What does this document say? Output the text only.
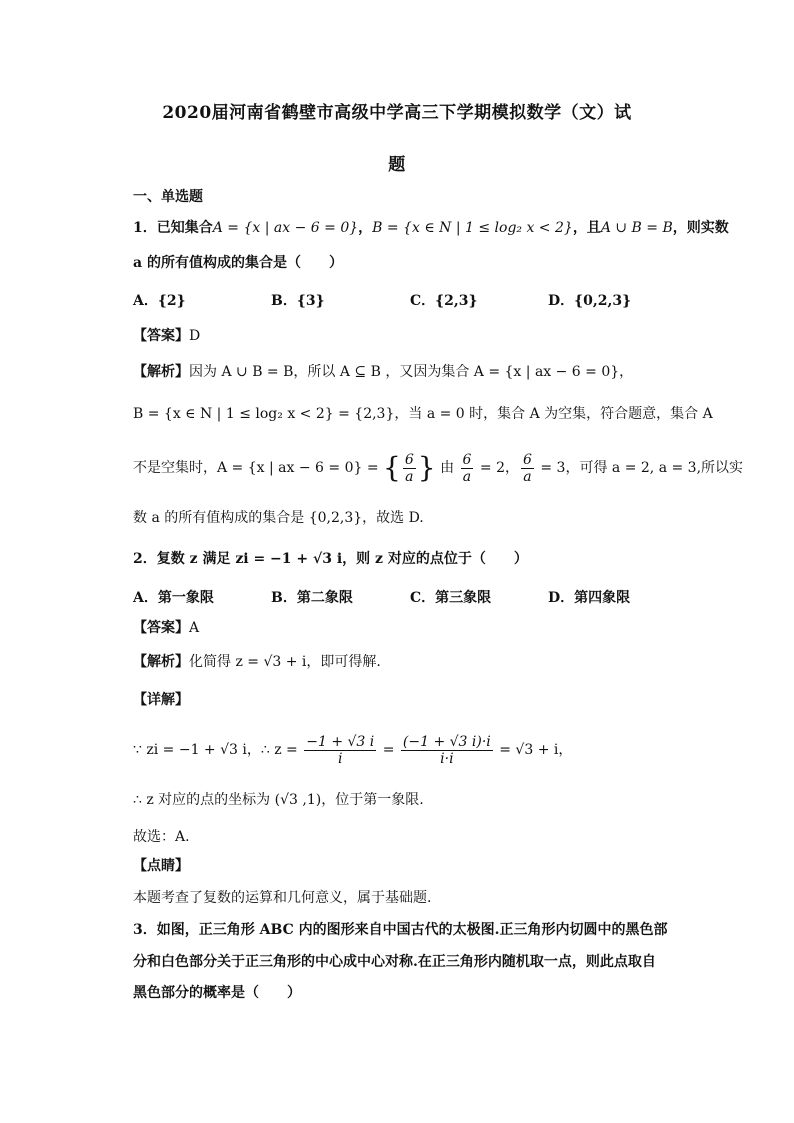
2020届河南省鹤壁市高级中学高三下学期模拟数学（文）试
题
一、单选题
1．已知集合A = {x | ax − 6 = 0}，B = {x ∈ N | 1 ≤ log₂ x < 2}，且A ∪ B = B，则实数
a 的所有值构成的集合是（　　）
A．{2}	B．{3}	C．{2,3}	D．{0,2,3}
【答案】D
【解析】因为 A ∪ B = B，所以 A ⊆ B ，又因为集合 A = {x | ax − 6 = 0}，
B = {x ∈ N | 1 ≤ log₂ x < 2} = {2,3}，当 a = 0 时，集合 A 为空集，符合题意，集合 A
不是空集时，A = {x | ax − 6 = 0} = { $\frac{6}{a}$ } 由 $\frac{6}{a} = 2$， $\frac{6}{a} = 3$，可得 a = 2, a = 3,所以实
数 a 的所有值构成的集合是 {0,2,3}，故选 D.
2．复数 z 满足 zi = −1 + √3 i，则 z 对应的点位于（　　）
A．第一象限	B．第二象限	C．第三象限	D．第四象限
【答案】A
【解析】化简得 z = √3 + i，即可得解.
【详解】
∵ zi = −1 + √3 i，∴ $z = \frac{-1 + √3 i}{i} = \frac{(-1 + √3 i)\cdot i}{i\cdot i} = √3 + i$，
∴ z 对应的点的坐标为 (√3 ,1)，位于第一象限.
故选：A.
【点睛】
本题考查了复数的运算和几何意义，属于基础题.
3．如图，正三角形 ABC 内的图形来自中国古代的太极图.正三角形内切圆中的黑色部
分和白色部分关于正三角形的中心成中心对称.在正三角形内随机取一点，则此点取自
黑色部分的概率是（　　）
